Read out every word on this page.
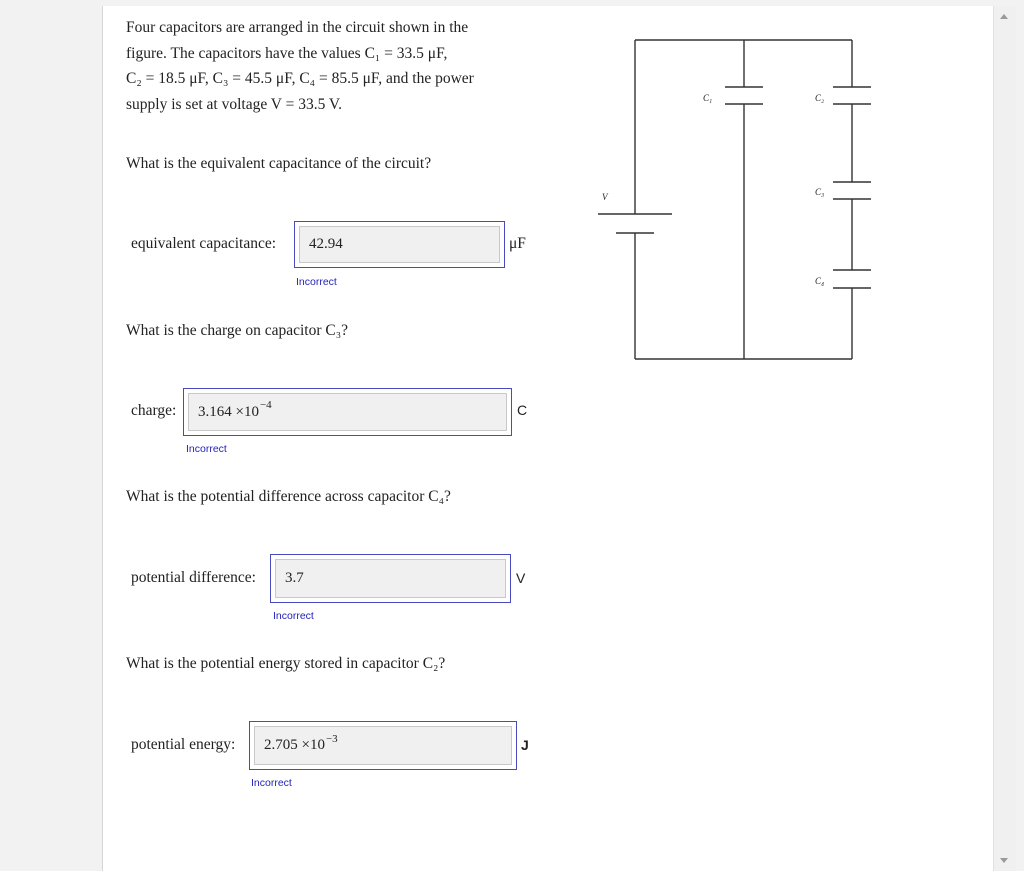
Four capacitors are arranged in the circuit shown in the
figure. The capacitors have the values C₁ = 33.5 μF,
C₂ = 18.5 μF, C₃ = 45.5 μF, C₄ = 85.5 μF, and the power
supply is set at voltage V = 33.5 V.
What is the equivalent capacitance of the circuit?
equivalent capacitance: 42.94	μF
Incorrect
What is the charge on capacitor C₃?
charge: $3.164 \times 10^{-4}$	C
Incorrect
What is the potential difference across capacitor C₄?
potential difference: 3.7	V
Incorrect
What is the potential energy stored in capacitor C₂?
potential energy: $2.705 \times 10^{-3}$	J
Incorrect
V
C₁	C₂
C₃
C₄
